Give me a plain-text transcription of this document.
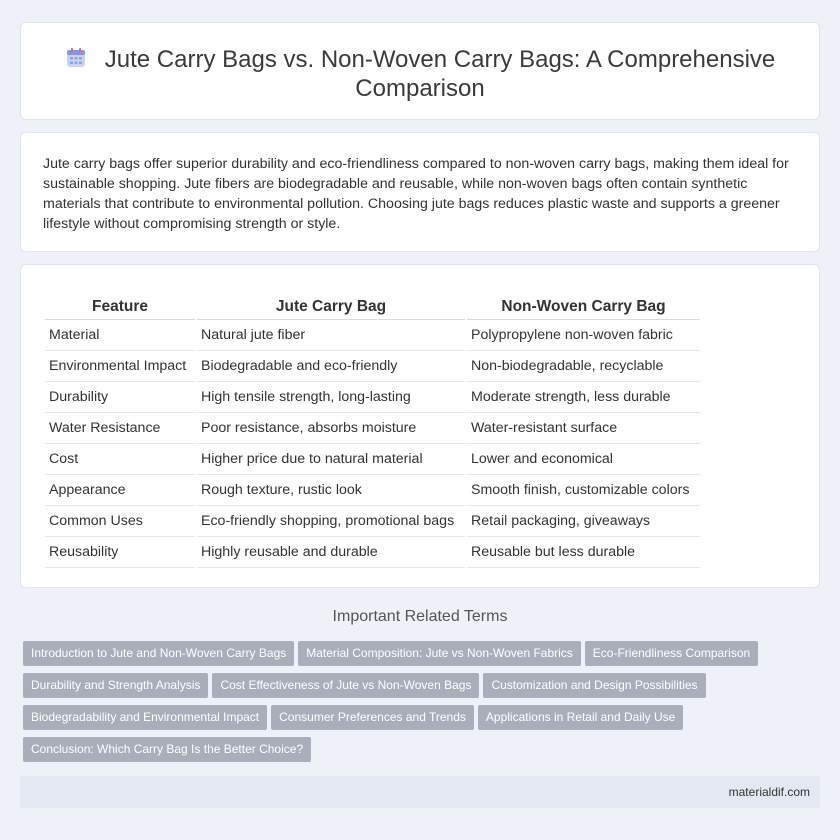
Jute Carry Bags vs. Non-Woven Carry Bags: A Comprehensive Comparison

Jute carry bags offer superior durability and eco-friendliness compared to non-woven carry bags, making them ideal for sustainable shopping. Jute fibers are biodegradable and reusable, while non-woven bags often contain synthetic materials that contribute to environmental pollution. Choosing jute bags reduces plastic waste and supports a greener lifestyle without compromising strength or style.

Feature	Jute Carry Bag	Non-Woven Carry Bag
Material	Natural jute fiber	Polypropylene non-woven fabric
Environmental Impact	Biodegradable and eco-friendly	Non-biodegradable, recyclable
Durability	High tensile strength, long-lasting	Moderate strength, less durable
Water Resistance	Poor resistance, absorbs moisture	Water-resistant surface
Cost	Higher price due to natural material	Lower and economical
Appearance	Rough texture, rustic look	Smooth finish, customizable colors
Common Uses	Eco-friendly shopping, promotional bags	Retail packaging, giveaways
Reusability	Highly reusable and durable	Reusable but less durable
Important Related Terms
Introduction to Jute and Non-Woven Carry Bags Material Composition: Jute vs Non-Woven Fabrics Eco-Friendliness Comparison
Durability and Strength Analysis Cost Effectiveness of Jute vs Non-Woven Bags Customization and Design Possibilities
Biodegradability and Environmental Impact Consumer Preferences and Trends Applications in Retail and Daily Use
Conclusion: Which Carry Bag Is the Better Choice?
materialdif.com
